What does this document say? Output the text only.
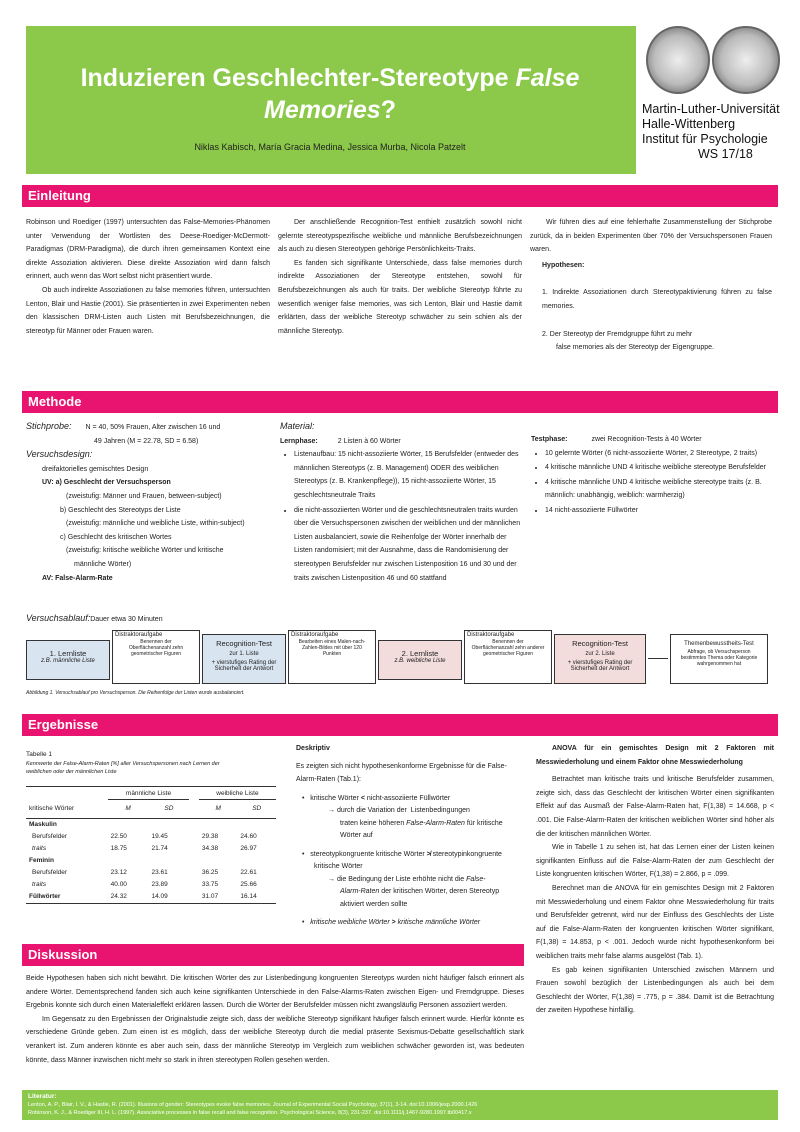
Induzieren Geschlechter-Stereotype False
Memories?
Niklas Kabisch, María Gracia Medina, Jessica Murba, Nicola Patzelt
Martin-Luther-Universität
Halle-Wittenberg
Institut für Psychologie
WS 17/18
Einleitung

Robinson und Roediger (1997) untersuchten das False-Memories-Phänomen unter Verwendung der Wortlisten des Deese-Roediger-McDermott-Paradigmas (DRM-Paradigma), die durch ihren gemeinsamen Kontext eine direkte Assoziation aktivieren. Diese direkte Assoziation wird dann falsch erinnert, auch wenn das Wort selbst nicht präsentiert wurde.

Ob auch indirekte Assoziationen zu false memories führen, untersuchten Lenton, Blair und Hastie (2001). Sie präsentierten in zwei Experimenten neben den klassischen DRM-Listen auch Listen mit Berufsbezeichnungen, die stereotyp für Männer oder Frauen waren.

Der anschließende Recognition-Test enthielt zusätzlich sowohl nicht gelernte stereotypspezifische weibliche und männliche Berufsbezeichnungen als auch zu diesen Stereotypen gehörige Persönlichkeits-Traits.

Es fanden sich signifikante Unterschiede, dass false memories durch indirekte Assoziationen der Stereotype entstehen, sowohl für Berufsbezeichnungen als auch für traits. Der weibliche Stereotyp führte zu wesentlich weniger false memories, was sich Lenton, Blair und Hastie damit erklärten, dass der weibliche Stereotyp schwächer zu sein schien als der männliche Stereotyp.

Wir führen dies auf eine fehlerhafte Zusammenstellung der Stichprobe zurück, da in beiden Experimenten über 70% der Versuchspersonen Frauen waren.

Hypothesen:

1. Indirekte Assoziationen durch Stereotypaktivierung führen zu false memories.

2. Der Stereotyp der Fremdgruppe führt zu mehr

false memories als der Stereotyp der Eigengruppe.

Methode
Stichprobe: N = 40, 50% Frauen, Alter zwischen 16 und
49 Jahren (M = 22.78, SD = 6.58)
Versuchsdesign:
dreifaktorielles gemischtes Design
UV: a) Geschlecht der Versuchsperson
(zweistufig: Männer und Frauen, between-subject)
b) Geschlecht des Stereotyps der Liste
(zweistufig: männliche und weibliche Liste, within-subject)
c) Geschlecht des kritischen Wortes
(zweistufig: kritische weibliche Wörter und kritische
männliche Wörter)
AV: False-Alarm-Rate
Material:
Lernphase:	2 Listen à 60 Wörter
• Listenaufbau: 15 nicht-assoziierte Wörter, 15 Berufsfelder (entweder des männlichen Stereotyps (z. B. Management) ODER des weiblichen Stereotyps (z. B. Krankenpflege)), 15 nicht-assoziierte Wörter, 15 geschlechtsneutrale Traits
• die nicht-assoziierten Wörter und die geschlechtsneutralen traits wurden über die Versuchspersonen zwischen der weiblichen und der männlichen Listen ausbalanciert, sowie die Reihenfolge der Wörter innerhalb der Listen randomisiert; mit der Ausnahme, dass die Randomisierung der stereotypen Berufsfelder nur zwischen Listenposition 16 und 30 und der traits zwischen Listenposition 46 und 60 stattfand
Testphase:	zwei Recognition-Tests à 40 Wörter
• 10 gelernte Wörter (6 nicht-assoziierte Wörter, 2 Stereotype, 2 traits)
• 4 kritische männliche UND 4 kritische weibliche stereotype Berufsfelder
• 4 kritische männliche UND 4 kritische weibliche stereotype traits (z. B. männlich: unabhängig, weiblich: warmherzig)
• 14 nicht-assoziierte Füllwörter
Versuchsablauf:Dauer etwa 30 Minuten
1. Lernliste
z.B. männliche Liste
Distraktoraufgabe
Benennen der Oberflächenanzahl zehn geometrischer Figuren
Recognition-Test
zur 1. Liste
+ vierstufiges Rating der Sicherheit der Antwort
Distraktoraufgabe
Bearbeiten eines Malen-nach-Zahlen-Bildes mit über 120 Punkten	2. Lernliste
z.B. weibliche Liste
Distraktoraufgabe
Benennen der Oberflächenanzahl zehn anderer geometrischer Figuren
Recognition-Test
zur 2. Liste
+ vierstufiges Rating der Sicherheit der Antwort
Themenbewusstheits-Test
Abfrage, ob Versuchsperson bestimmtes Thema oder Kategorie wahrgenommen hat
Abbildung 1. Versuchsablauf pro Versuchsperson. Die Reihenfolge der Listen wurde ausbalanciert.
Ergebnisse
Tabelle 1
Kennwerte der False-Alarm-Raten [%] aller Versuchspersonen nach Lernen der weiblichen oder der männlichen Liste
	männliche Liste			weibliche Liste	
kritische Wörter	M	SD		M	SD
Maskulin					
Berufsfelder	22.50	19.45		29.38	24.60
traits	18.75	21.74		34.38	26.97
Feminin					
Berufsfelder	23.12	23.61		36.25	22.61
traits	40.00	23.89		33.75	25.66
Füllwörter	24.32	14.09		31.07	16.14
Deskriptiv
Es zeigten sich nicht hypothesenkonforme Ergebnisse für die False-Alarm-Raten (Tab.1):
•   kritische Wörter < nicht-assoziierte Füllwörter
→ durch die Variation der  Listenbedingungen
traten keine höheren False-Alarm-Raten für kritische
Wörter auf
•   stereotypkongruente kritische Wörter ≯ stereotypinkongruente
kritische Wörter
→ die Bedingung der Liste erhöhte nicht die False-
Alarm-Raten der kritischen Wörter, deren Stereotyp
aktiviert werden sollte
•   kritische weibliche Wörter > kritische männliche Wörter

ANOVA für ein gemischtes Design mit 2 Faktoren mit Messwiederholung und einem Faktor ohne Messwiederholung

Betrachtet man kritische traits und kritische Berufsfelder zusammen, zeigte sich, dass das Geschlecht der kritischen Wörter einen signifikanten Effekt auf das Ausmaß der False-Alarm-Raten hat, F(1,38) = 14.668, p < .001. Die False-Alarm-Raten der kritischen weiblichen Wörter sind höher als die der kritischen männlichen Wörter.

Wie in Tabelle 1 zu sehen ist, hat das Lernen einer der Listen keinen signifikanten Einfluss auf die False-Alarm-Raten der zum Geschlecht der Liste kongruenten kritischen Wörter, F(1,38) = 2.866, p = .099.

Berechnet man die ANOVA für ein gemischtes Design mit 2 Faktoren mit Messwiederholung und einem Faktor ohne Messwiederholung für traits und Berufsfelder getrennt, wird nur der Einfluss des Geschlechts der Liste auf die False-Alarm-Raten der kongruenten kritischen Wörter signifikant, F(1,38) = 14.853, p < .001. Jedoch wurde nicht hypothesenkonform bei weiblichen traits mehr false alarms ausgelöst (Tab. 1).

Es gab keinen signifikanten Unterschied zwischen Männern und Frauen sowohl bezüglich der Listenbedingungen als auch bei dem Geschlecht der Wörter, F(1,38) = .775, p = .384. Damit ist die Betrachtung der zweiten Hypothese hinfällig.

Diskussion

Beide Hypothesen haben sich nicht bewährt. Die kritischen Wörter des zur Listenbedingung kongruenten Stereotyps wurden nicht häufiger falsch erinnert als andere Wörter. Dementsprechend fanden sich auch keine signifikanten Unterschiede in den False-Alarms-Raten zwischen Eigen- und Fremdgruppe. Dieses Ergebnis konnte sich durch einen Materialeffekt erklären lassen. Durch die Wörter der Berufsfelder müssen nicht zwangsläufig Personen assoziiert werden.

Im Gegensatz zu den Ergebnissen der Originalstudie zeigte sich, dass der weibliche Stereotyp signifikant häufiger falsch erinnert wurde. Hierfür könnte es verschiedene Gründe geben. Zum einen ist es möglich, dass der weibliche Stereotyp durch die medial präsente Sexismus-Debatte gesellschaftlich stark verankert ist. Zum anderen könnte es aber auch sein, dass der männliche Stereotyp im Vergleich zum weiblichen schwächer geworden ist, was bedeuten könnte, dass Männer inzwischen nicht mehr so stark in ihren stereotypen Rollen gesehen werden.

Literatur:
Lenton, A. P., Blair, I. V., & Hastie, R. (2001). Illusions of gender: Stereotypes evoke false memories. Journal of Experimental Social Psychology, 37(1), 3-14. doi:10.1006/jesp.2000.1426
Robinson, K. J., & Roediger III, H. L. (1997). Associative processes in false recall and false recognition. Psychological Science, 8(3), 231-237. doi:10.1111/j.1467-9280.1997.tb00417.x
